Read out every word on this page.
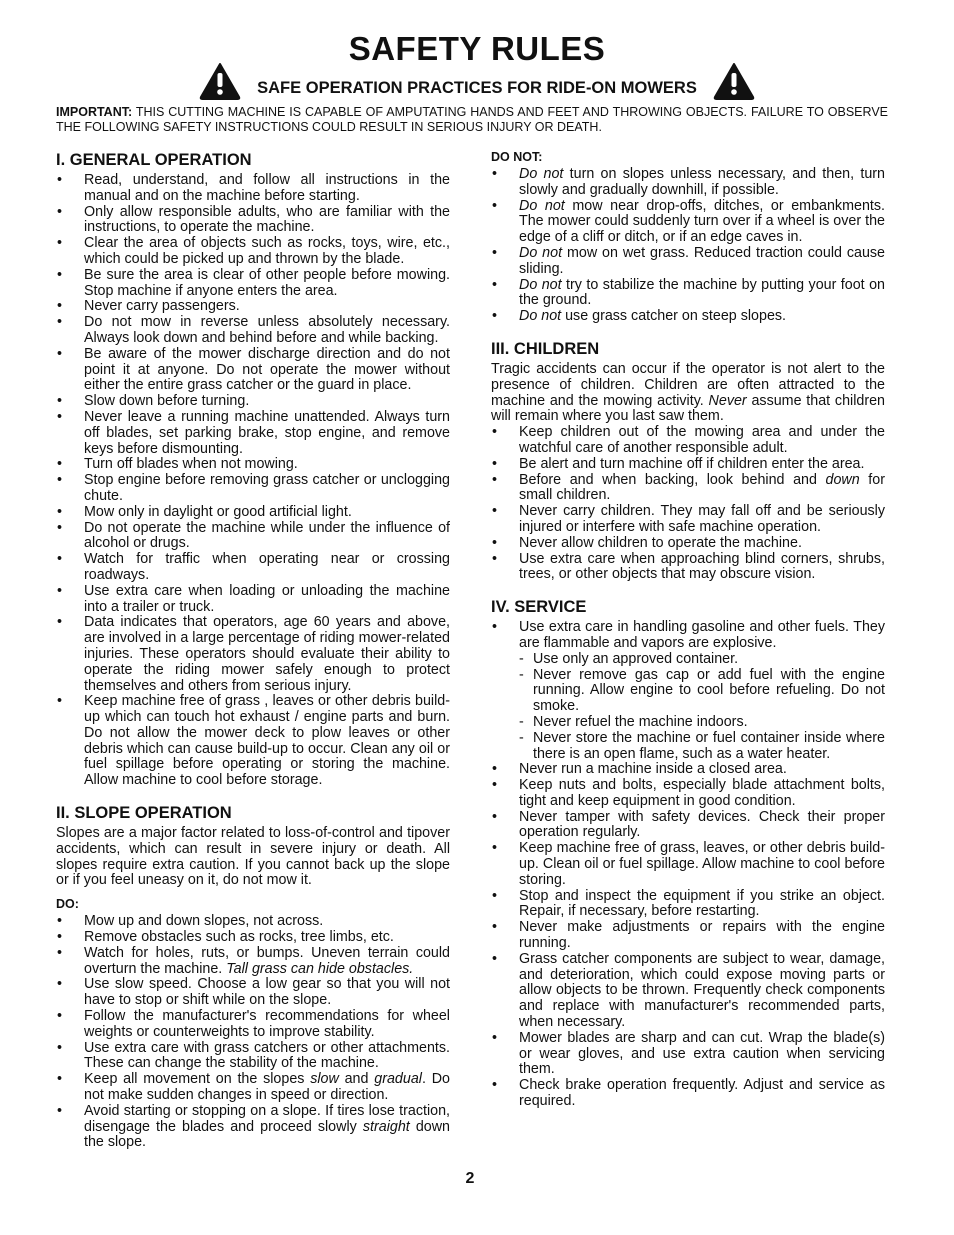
SAFETY RULES
SAFE OPERATION PRACTICES FOR RIDE-ON MOWERS

IMPORTANT: THIS CUTTING MACHINE IS CAPABLE OF AMPUTATING HANDS AND FEET AND THROWING OBJECTS. FAILURE TO OBSERVE THE FOLLOWING SAFETY INSTRUCTIONS COULD RESULT IN SERIOUS INJURY OR DEATH.

I. GENERAL OPERATION
• Read, understand, and follow all instructions in the manual and on the machine before starting.
• Only allow responsible adults, who are familiar with the instructions, to operate the machine.
• Clear the area of objects such as rocks, toys, wire, etc., which could be picked up and thrown by the blade.
• Be sure the area is clear of other people before mowing. Stop machine if anyone enters the area.
• Never carry passengers.
• Do not mow in reverse unless absolutely necessary. Always look down and behind before and while backing.
• Be aware of the mower discharge direction and do not point it at anyone. Do not operate the mower without either the entire grass catcher or the guard in place.
• Slow down before turning.
• Never leave a running machine unattended. Always turn off blades, set parking brake, stop engine, and remove keys before dismounting.
• Turn off blades when not mowing.
• Stop engine before removing grass catcher or unclogging chute.
• Mow only in daylight or good artificial light.
• Do not operate the machine while under the influence of alcohol or drugs.
• Watch for traffic when operating near or crossing roadways.
• Use extra care when loading or unloading the machine into a trailer or truck.
• Data indicates that operators, age 60 years and above, are involved in a large percentage of riding mower-related injuries. These operators should evaluate their ability to operate the riding mower safely enough to protect themselves and others from serious injury.
• Keep machine free of grass , leaves or other debris build-up which can touch hot exhaust / engine parts and burn. Do not allow the mower deck to plow leaves or other debris which can cause build-up to occur. Clean any oil or fuel spillage before operating or storing the machine. Allow machine to cool before storage.
II. SLOPE OPERATION

Slopes are a major factor related to loss-of-control and tipover accidents, which can result in severe injury or death. All slopes require extra caution. If you cannot back up the slope or if you feel uneasy on it, do not mow it.

DO:
• Mow up and down slopes, not across.
• Remove obstacles such as rocks, tree limbs, etc.
• Watch for holes, ruts, or bumps. Uneven terrain could overturn the machine. Tall grass can hide obstacles.
• Use slow speed. Choose a low gear so that you will not have to stop or shift while on the slope.
• Follow the manufacturer's recommendations for wheel weights or counterweights to improve stability.
• Use extra care with grass catchers or other attachments. These can change the stability of the machine.
• Keep all movement on the slopes slow and gradual. Do not make sudden changes in speed or direction.
• Avoid starting or stopping on a slope. If tires lose traction, disengage the blades and proceed slowly straight down the slope.
DO NOT:
• Do not turn on slopes unless necessary, and then, turn slowly and gradually downhill, if possible.
• Do not mow near drop-offs, ditches, or embankments. The mower could suddenly turn over if a wheel is over the edge of a cliff or ditch, or if an edge caves in.
• Do not mow on wet grass. Reduced traction could cause sliding.
• Do not try to stabilize the machine by putting your foot on the ground.
• Do not use grass catcher on steep slopes.
III. CHILDREN

Tragic accidents can occur if the operator is not alert to the presence of children. Children are often attracted to the machine and the mowing activity. Never assume that children will remain where you last saw them.

• Keep children out of the mowing area and under the watchful care of another responsible adult.
• Be alert and turn machine off if children enter the area.
• Before and when backing, look behind and down for small children.
• Never carry children. They may fall off and be seriously injured or interfere with safe machine operation.
• Never allow children to operate the machine.
• Use extra care when approaching blind corners, shrubs, trees, or other objects that may obscure vision.
IV. SERVICE
• Use extra care in handling gasoline and other fuels. They are flammable and vapors are explosive.
- Use only an approved container.
- Never remove gas cap or add fuel with the engine running. Allow engine to cool before refueling. Do not smoke.
- Never refuel the machine indoors.
- Never store the machine or fuel container inside where there is an open flame, such as a water heater.
• Never run a machine inside a closed area.
• Keep nuts and bolts, especially blade attachment bolts, tight and keep equipment in good condition.
• Never tamper with safety devices. Check their proper operation regularly.
• Keep machine free of grass, leaves, or other debris build-up. Clean oil or fuel spillage. Allow machine to cool before storing.
• Stop and inspect the equipment if you strike an object. Repair, if necessary, before restarting.
• Never make adjustments or repairs with the engine running.
• Grass catcher components are subject to wear, damage, and deterioration, which could expose moving parts or allow objects to be thrown. Frequently check components and replace with manufacturer's recommended parts, when necessary.
• Mower blades are sharp and can cut. Wrap the blade(s) or wear gloves, and use extra caution when servicing them.
• Check brake operation frequently. Adjust and service as required.
2
